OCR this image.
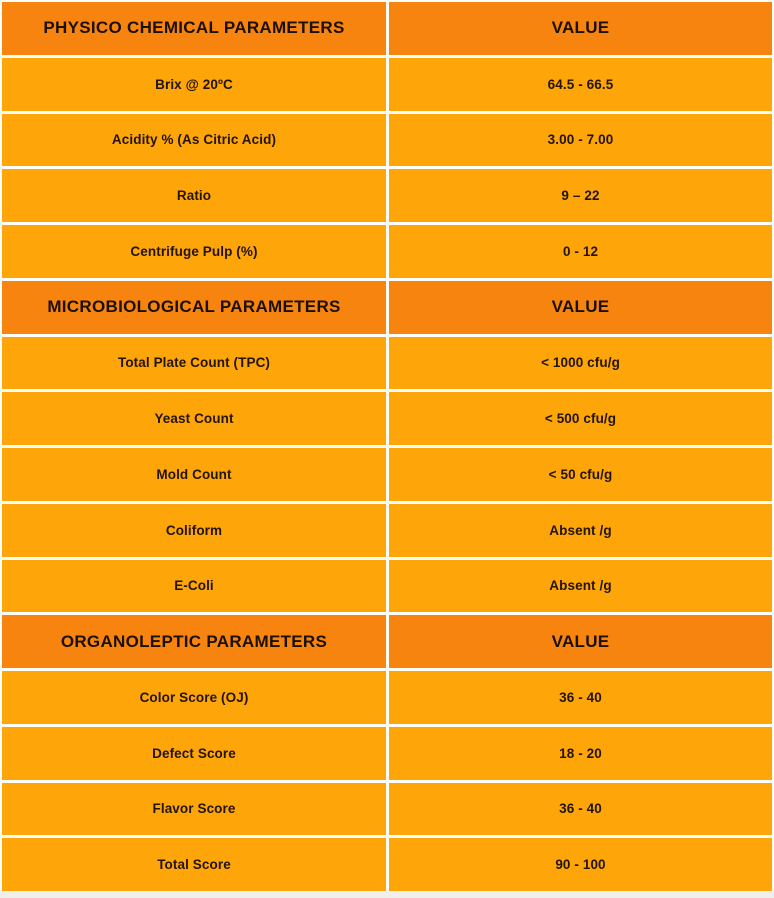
PHYSICO CHEMICAL PARAMETERS	VALUE
Brix @ 20ºC	64.5 - 66.5
Acidity % (As Citric Acid)	3.00 - 7.00
Ratio	9 – 22
Centrifuge Pulp (%)	0 - 12
MICROBIOLOGICAL PARAMETERS	VALUE
Total Plate Count (TPC)	< 1000 cfu/g
Yeast Count	< 500 cfu/g
Mold Count	< 50 cfu/g
Coliform	Absent /g
E-Coli	Absent /g
ORGANOLEPTIC PARAMETERS	VALUE
Color Score (OJ)	36 - 40
Defect Score	18 - 20
Flavor Score	36 - 40
Total Score	90 - 100
